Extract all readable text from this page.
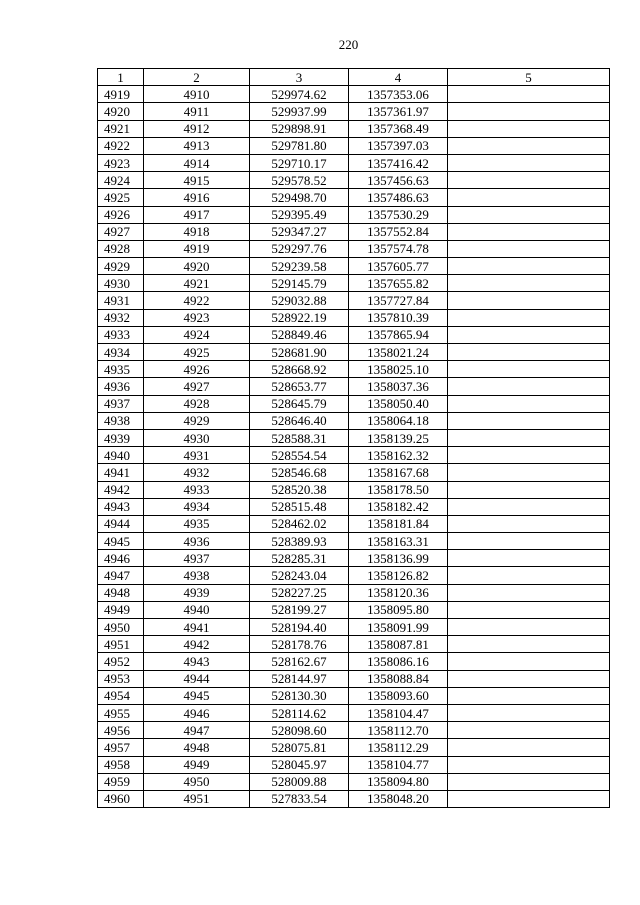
220
1	2	3	4	5
4919	4910	529974.62	1357353.06	
4920	4911	529937.99	1357361.97	
4921	4912	529898.91	1357368.49	
4922	4913	529781.80	1357397.03	
4923	4914	529710.17	1357416.42	
4924	4915	529578.52	1357456.63	
4925	4916	529498.70	1357486.63	
4926	4917	529395.49	1357530.29	
4927	4918	529347.27	1357552.84	
4928	4919	529297.76	1357574.78	
4929	4920	529239.58	1357605.77	
4930	4921	529145.79	1357655.82	
4931	4922	529032.88	1357727.84	
4932	4923	528922.19	1357810.39	
4933	4924	528849.46	1357865.94	
4934	4925	528681.90	1358021.24	
4935	4926	528668.92	1358025.10	
4936	4927	528653.77	1358037.36	
4937	4928	528645.79	1358050.40	
4938	4929	528646.40	1358064.18	
4939	4930	528588.31	1358139.25	
4940	4931	528554.54	1358162.32	
4941	4932	528546.68	1358167.68	
4942	4933	528520.38	1358178.50	
4943	4934	528515.48	1358182.42	
4944	4935	528462.02	1358181.84	
4945	4936	528389.93	1358163.31	
4946	4937	528285.31	1358136.99	
4947	4938	528243.04	1358126.82	
4948	4939	528227.25	1358120.36	
4949	4940	528199.27	1358095.80	
4950	4941	528194.40	1358091.99	
4951	4942	528178.76	1358087.81	
4952	4943	528162.67	1358086.16	
4953	4944	528144.97	1358088.84	
4954	4945	528130.30	1358093.60	
4955	4946	528114.62	1358104.47	
4956	4947	528098.60	1358112.70	
4957	4948	528075.81	1358112.29	
4958	4949	528045.97	1358104.77	
4959	4950	528009.88	1358094.80	
4960	4951	527833.54	1358048.20	
